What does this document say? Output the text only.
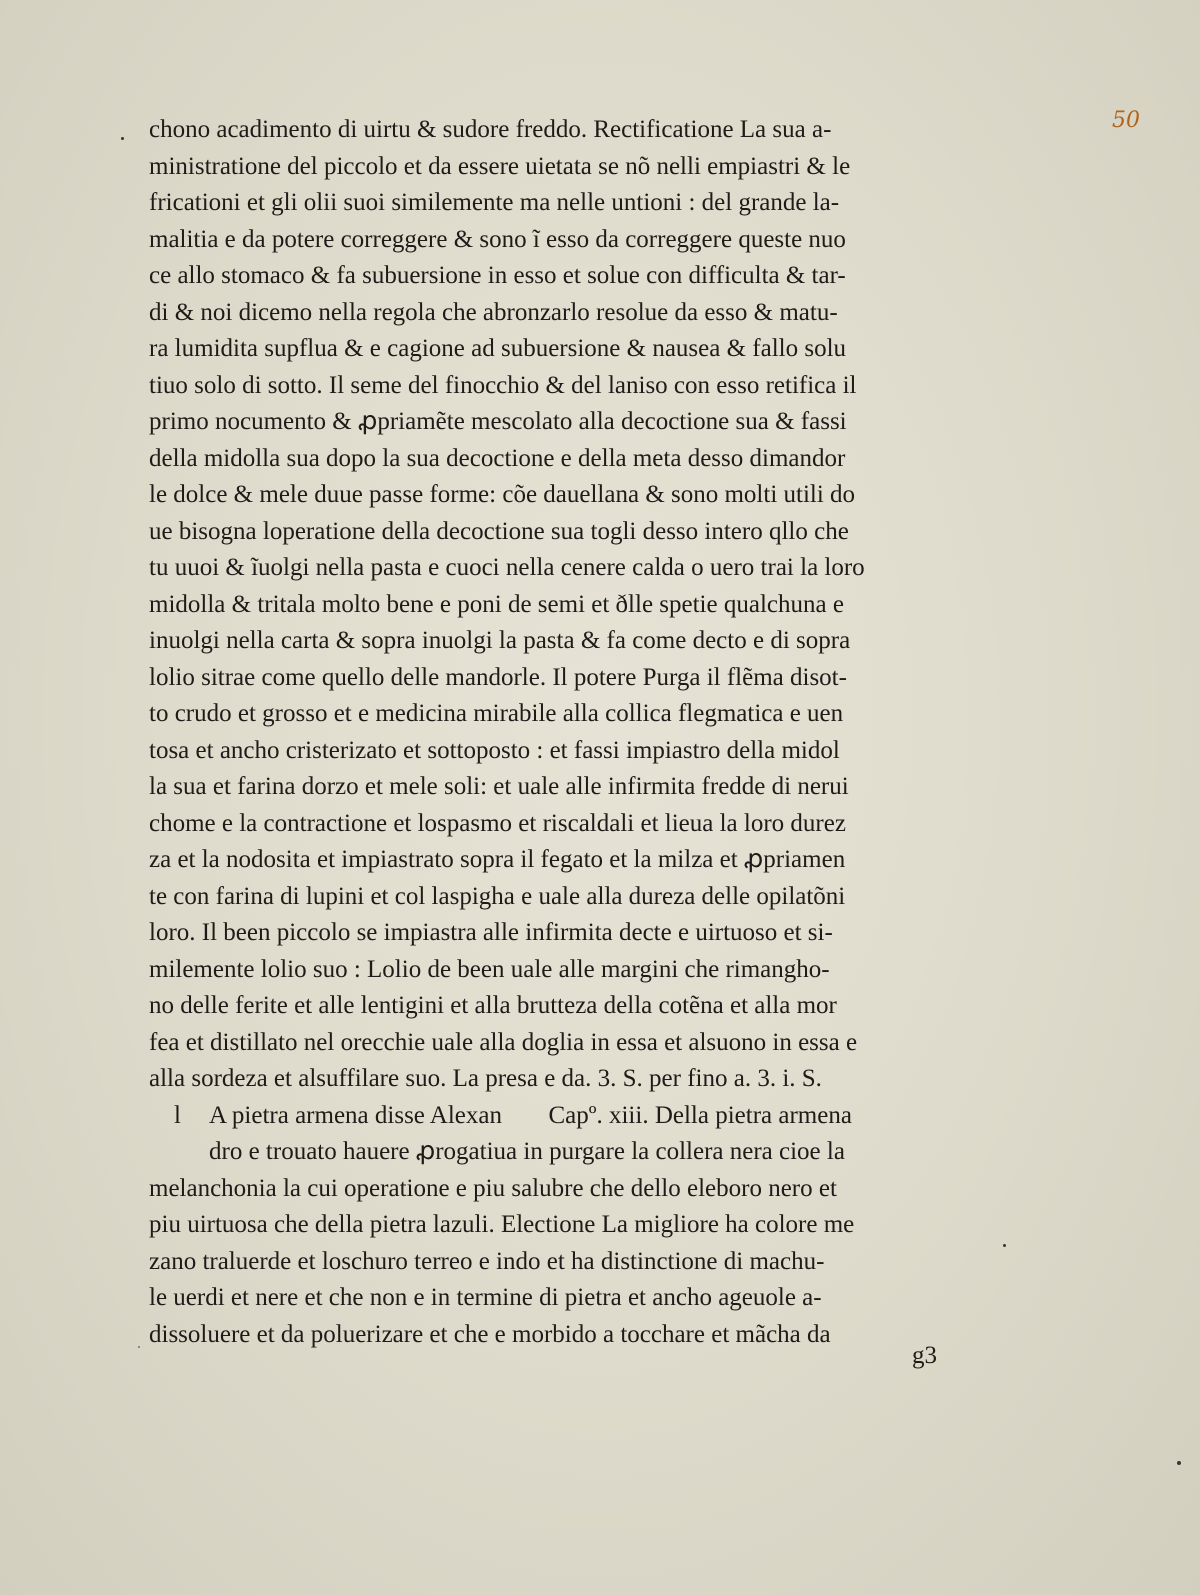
50
chono acadimento di uirtu & sudore freddo. Rectificatione La sua a-
ministratione del piccolo et da essere uietata se nõ nelli empiastri & le
fricationi et gli olii suoi similemente ma nelle untioni : del grande la-
malitia e da potere correggere & sono ĩ esso da correggere queste nuo
ce allo stomaco & fa subuersione in esso et solue con difficulta & tar-
di & noi dicemo nella regola che abronzarlo resolue da esso & matu-
ra lumidita supflua & e cagione ad subuersione & nausea & fallo solu
tiuo solo di sotto. Il seme del finocchio & del laniso con esso retifica il
primo nocumento & ꝓpriamẽte mescolato alla decoctione sua & fassi
della midolla sua dopo la sua decoctione e della meta desso dimandor
le dolce & mele duue passe forme: cõe dauellana & sono molti utili do
ue bisogna loperatione della decoctione sua togli desso intero qllo che
tu uuoi & ĩuolgi nella pasta e cuoci nella cenere calda o uero trai la loro
midolla & tritala molto bene e poni de semi et ðlle spetie qualchuna e
inuolgi nella carta & sopra inuolgi la pasta & fa come decto e di sopra
lolio sitrae come quello delle mandorle. Il potere Purga il flẽma disot-
to crudo et grosso et e medicina mirabile alla collica flegmatica e uen
tosa et ancho cristerizato et sottoposto : et fassi impiastro della midol
la sua et farina dorzo et mele soli: et uale alle infirmita fredde di nerui
chome e la contractione et lospasmo et riscaldali et lieua la loro durez
za et la nodosita et impiastrato sopra il fegato et la milza et ꝓpriamen
te con farina di lupini et col laspigha e uale alla dureza delle opilatõni
loro. Il been piccolo se impiastra alle infirmita decte e uirtuoso et si-
milemente lolio suo : Lolio de been uale alle margini che rimangho-
no delle ferite et alle lentigini et alla brutteza della cotẽna et alla mor
fea et distillato nel orecchie uale alla doglia in essa et alsuono in essa e
alla sordeza et alsuffilare suo. La presa e da. 3. S. per fino a. 3. i. S.
l A pietra armena disse Alexan Capº. xiii. Della pietra armena
dro e trouato hauere ꝓrogatiua in purgare la collera nera cioe la
melanchonia la cui operatione e piu salubre che dello eleboro nero et
piu uirtuosa che della pietra lazuli. Electione La migliore ha colore me
zano traluerde et loschuro terreo e indo et ha distinctione di machu-
le uerdi et nere et che non e in termine di pietra et ancho ageuole a-
dissoluere et da poluerizare et che e morbido a tocchare et mãcha da
g3
